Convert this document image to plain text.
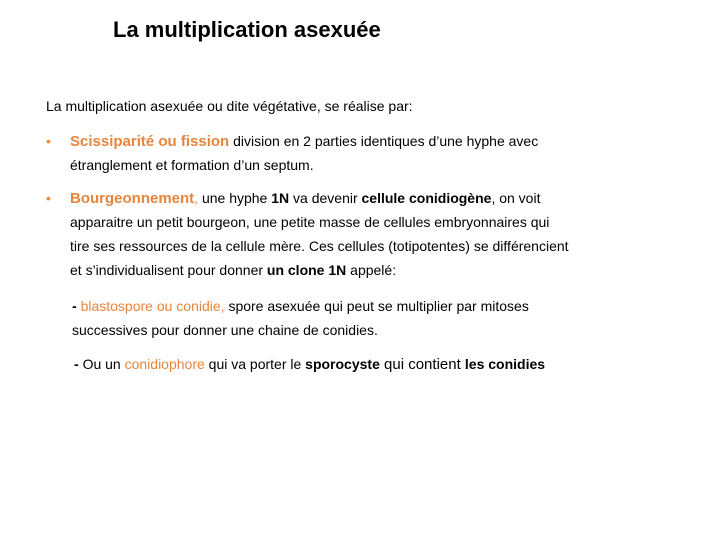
La multiplication asexuée
La multiplication asexuée ou dite végétative, se réalise par:
• Scissiparité ou fission division en 2 parties identiques d’une hyphe avec
étranglement et formation d’un septum.
• Bourgeonnement, une hyphe 1N va devenir cellule conidiogène, on voit
apparaitre un petit bourgeon, une petite masse de cellules embryonnaires qui
tire ses ressources de la cellule mère. Ces cellules (totipotentes) se différencient
et s’individualisent pour donner un clone 1N appelé:
- blastospore ou conidie, spore asexuée qui peut se multiplier par mitoses
successives pour donner une chaine de conidies.
- Ou un conidiophore qui va porter le sporocyste qui contient les conidies
